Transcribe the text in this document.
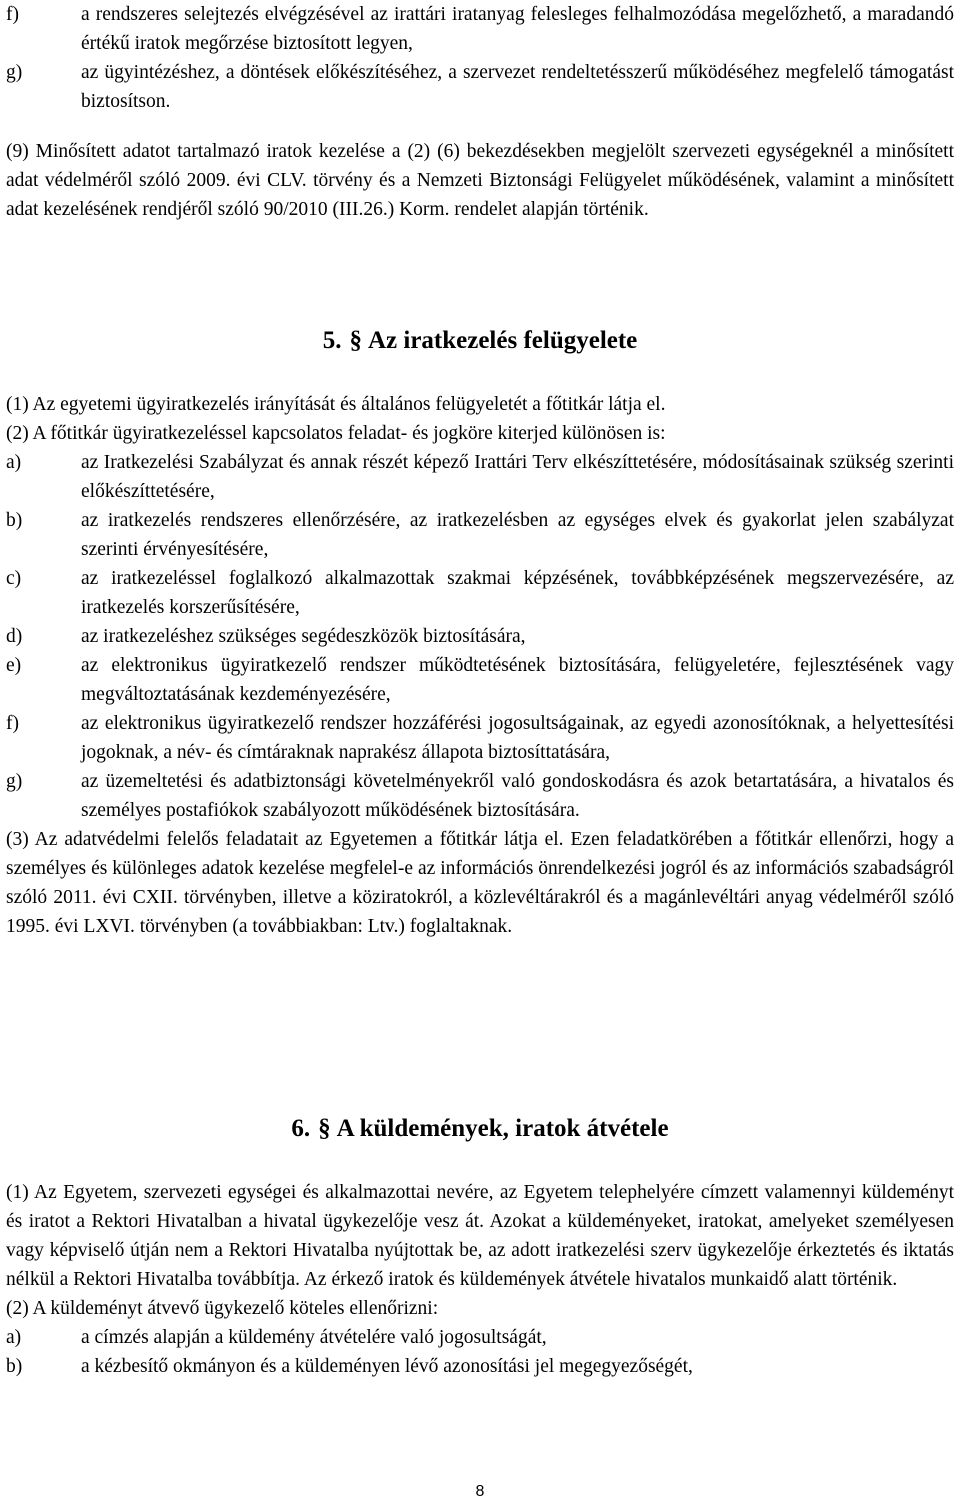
f)	a rendszeres selejtezés elvégzésével az irattári iratanyag felesleges felhalmozódása megelőzhető, a maradandó értékű iratok megőrzése biztosított legyen,
g)	az ügyintézéshez, a döntések előkészítéséhez, a szervezet rendeltetésszerű működéséhez megfelelő támogatást biztosítson.

(9) Minősített adatot tartalmazó iratok kezelése a (2) (6) bekezdésekben megjelölt szervezeti egységeknél a minősített adat védelméről szóló 2009. évi CLV. törvény és a Nemzeti Biztonsági Felügyelet működésének, valamint a minősített adat kezelésének rendjéről szóló 90/2010 (III.26.) Korm. rendelet alapján történik.

5. § Az iratkezelés felügyelete

(1) Az egyetemi ügyiratkezelés irányítását és általános felügyeletét a főtitkár látja el.

(2) A főtitkár ügyiratkezeléssel kapcsolatos feladat- és jogköre kiterjed különösen is:

a)	az Iratkezelési Szabályzat és annak részét képező Irattári Terv elkészíttetésére, módosításainak szükség szerinti előkészíttetésére,
b)	az iratkezelés rendszeres ellenőrzésére, az iratkezelésben az egységes elvek és gyakorlat jelen szabályzat szerinti érvényesítésére,
c)	az iratkezeléssel foglalkozó alkalmazottak szakmai képzésének, továbbképzésének megszervezésére, az iratkezelés korszerűsítésére,
d)	az iratkezeléshez szükséges segédeszközök biztosítására,
e)	az elektronikus ügyiratkezelő rendszer működtetésének biztosítására, felügyeletére, fejlesztésének vagy megváltoztatásának kezdeményezésére,
f)	az elektronikus ügyiratkezelő rendszer hozzáférési jogosultságainak, az egyedi azonosítóknak, a helyettesítési jogoknak, a név- és címtáraknak naprakész állapota biztosíttatására,
g)	az üzemeltetési és adatbiztonsági követelményekről való gondoskodásra és azok betartatására, a hivatalos és személyes postafiókok szabályozott működésének biztosítására.

(3) Az adatvédelmi felelős feladatait az Egyetemen a főtitkár látja el. Ezen feladatkörében a főtitkár ellenőrzi, hogy a személyes és különleges adatok kezelése megfelel-e az információs önrendelkezési jogról és az információs szabadságról szóló 2011. évi CXII. törvényben, illetve a köziratokról, a közlevéltárakról és a magánlevéltári anyag védelméről szóló 1995. évi LXVI. törvényben (a továbbiakban: Ltv.) foglaltaknak.

6. § A küldemények, iratok átvétele

(1) Az Egyetem, szervezeti egységei és alkalmazottai nevére, az Egyetem telephelyére címzett valamennyi küldeményt és iratot a Rektori Hivatalban a hivatal ügykezelője vesz át. Azokat a küldeményeket, iratokat, amelyeket személyesen vagy képviselő útján nem a Rektori Hivatalba nyújtottak be, az adott iratkezelési szerv ügykezelője érkeztetés és iktatás nélkül a Rektori Hivatalba továbbítja. Az érkező iratok és küldemények átvétele hivatalos munkaidő alatt történik.

(2) A küldeményt átvevő ügykezelő köteles ellenőrizni:

a)	a címzés alapján a küldemény átvételére való jogosultságát,
b)	a kézbesítő okmányon és a küldeményen lévő azonosítási jel megegyezőségét,
8
